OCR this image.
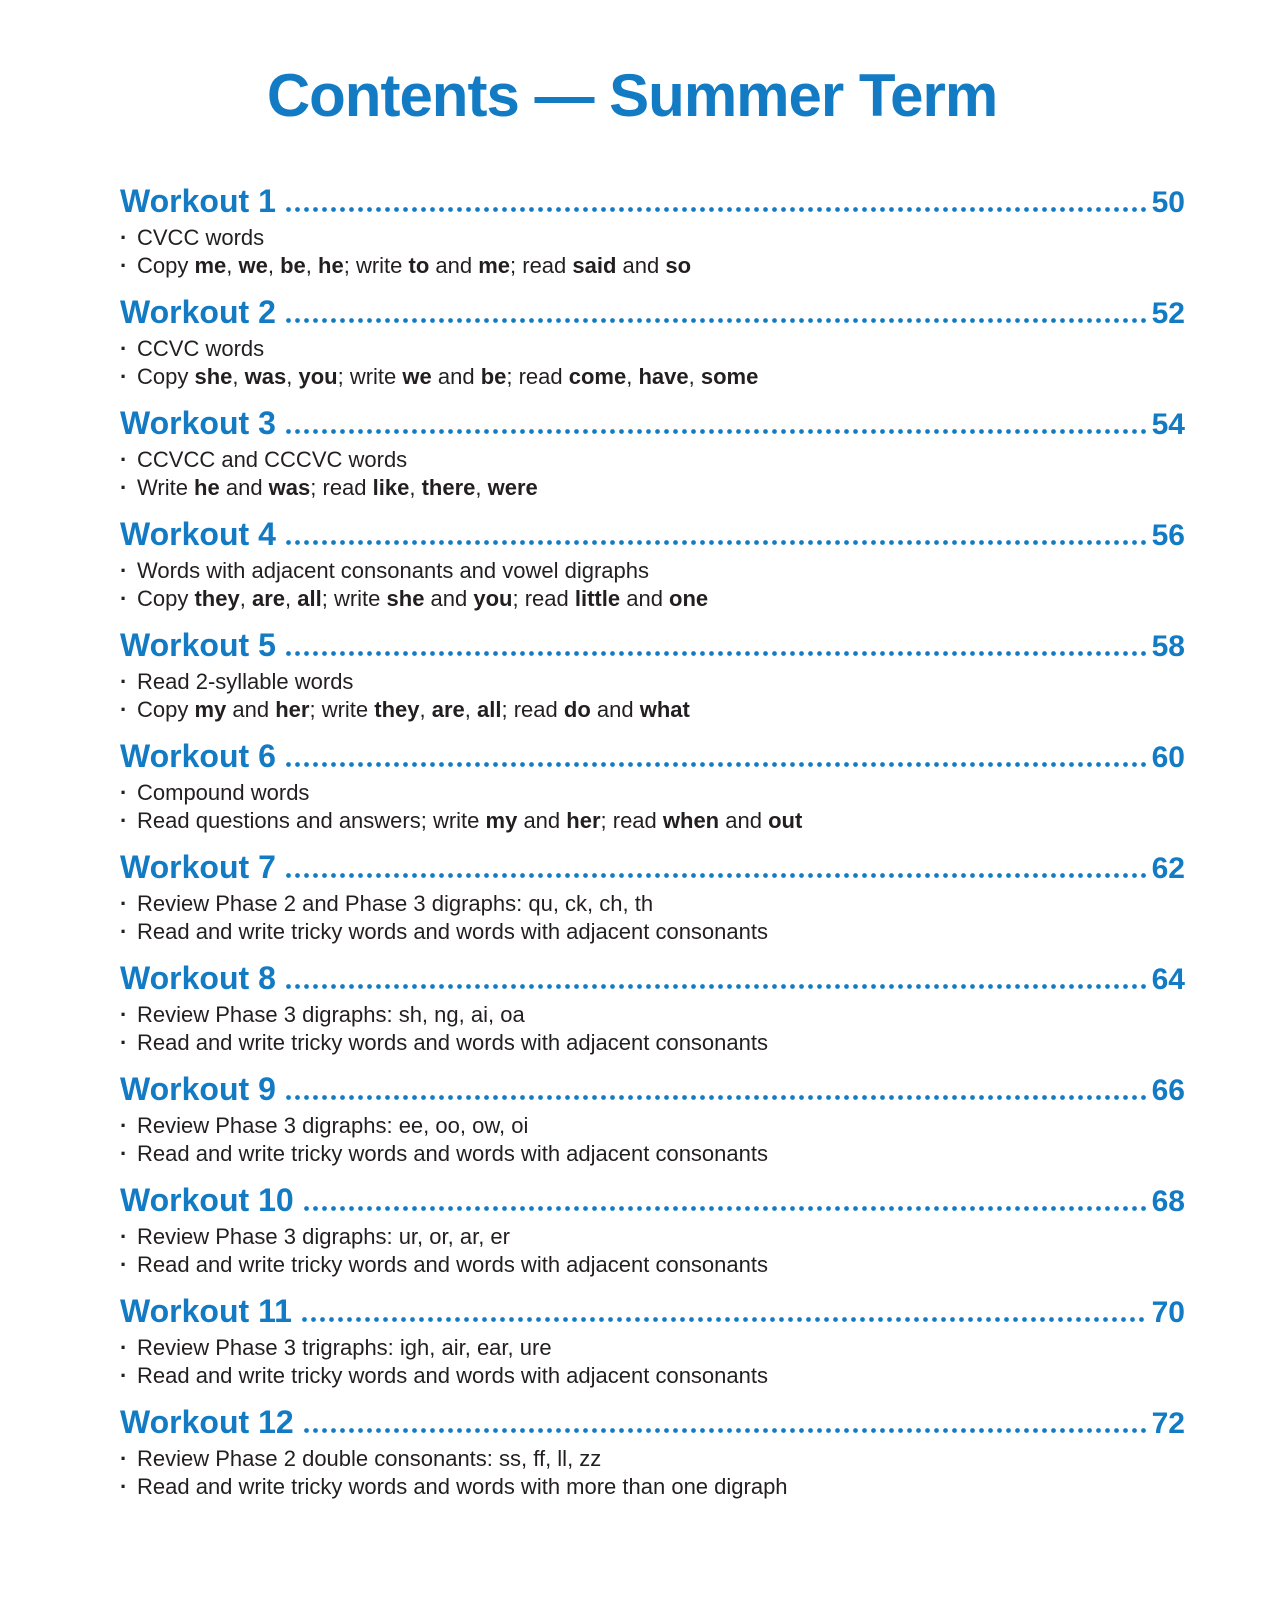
Contents — Summer Term
Workout 1	50
· CVCC words
· Copy me, we, be, he; write to and me; read said and so
Workout 2	52
· CCVC words
· Copy she, was, you; write we and be; read come, have, some
Workout 3	54
· CCVCC and CCCVC words
· Write he and was; read like, there, were
Workout 4	56
· Words with adjacent consonants and vowel digraphs
· Copy they, are, all; write she and you; read little and one
Workout 5	58
· Read 2-syllable words
· Copy my and her; write they, are, all; read do and what
Workout 6	60
· Compound words
· Read questions and answers; write my and her; read when and out
Workout 7	62
· Review Phase 2 and Phase 3 digraphs: qu, ck, ch, th
· Read and write tricky words and words with adjacent consonants
Workout 8	64
· Review Phase 3 digraphs: sh, ng, ai, oa
· Read and write tricky words and words with adjacent consonants
Workout 9	66
· Review Phase 3 digraphs: ee, oo, ow, oi
· Read and write tricky words and words with adjacent consonants
Workout 10	68
· Review Phase 3 digraphs: ur, or, ar, er
· Read and write tricky words and words with adjacent consonants
Workout 11	70
· Review Phase 3 trigraphs: igh, air, ear, ure
· Read and write tricky words and words with adjacent consonants
Workout 12	72
· Review Phase 2 double consonants: ss, ff, ll, zz
· Read and write tricky words and words with more than one digraph
